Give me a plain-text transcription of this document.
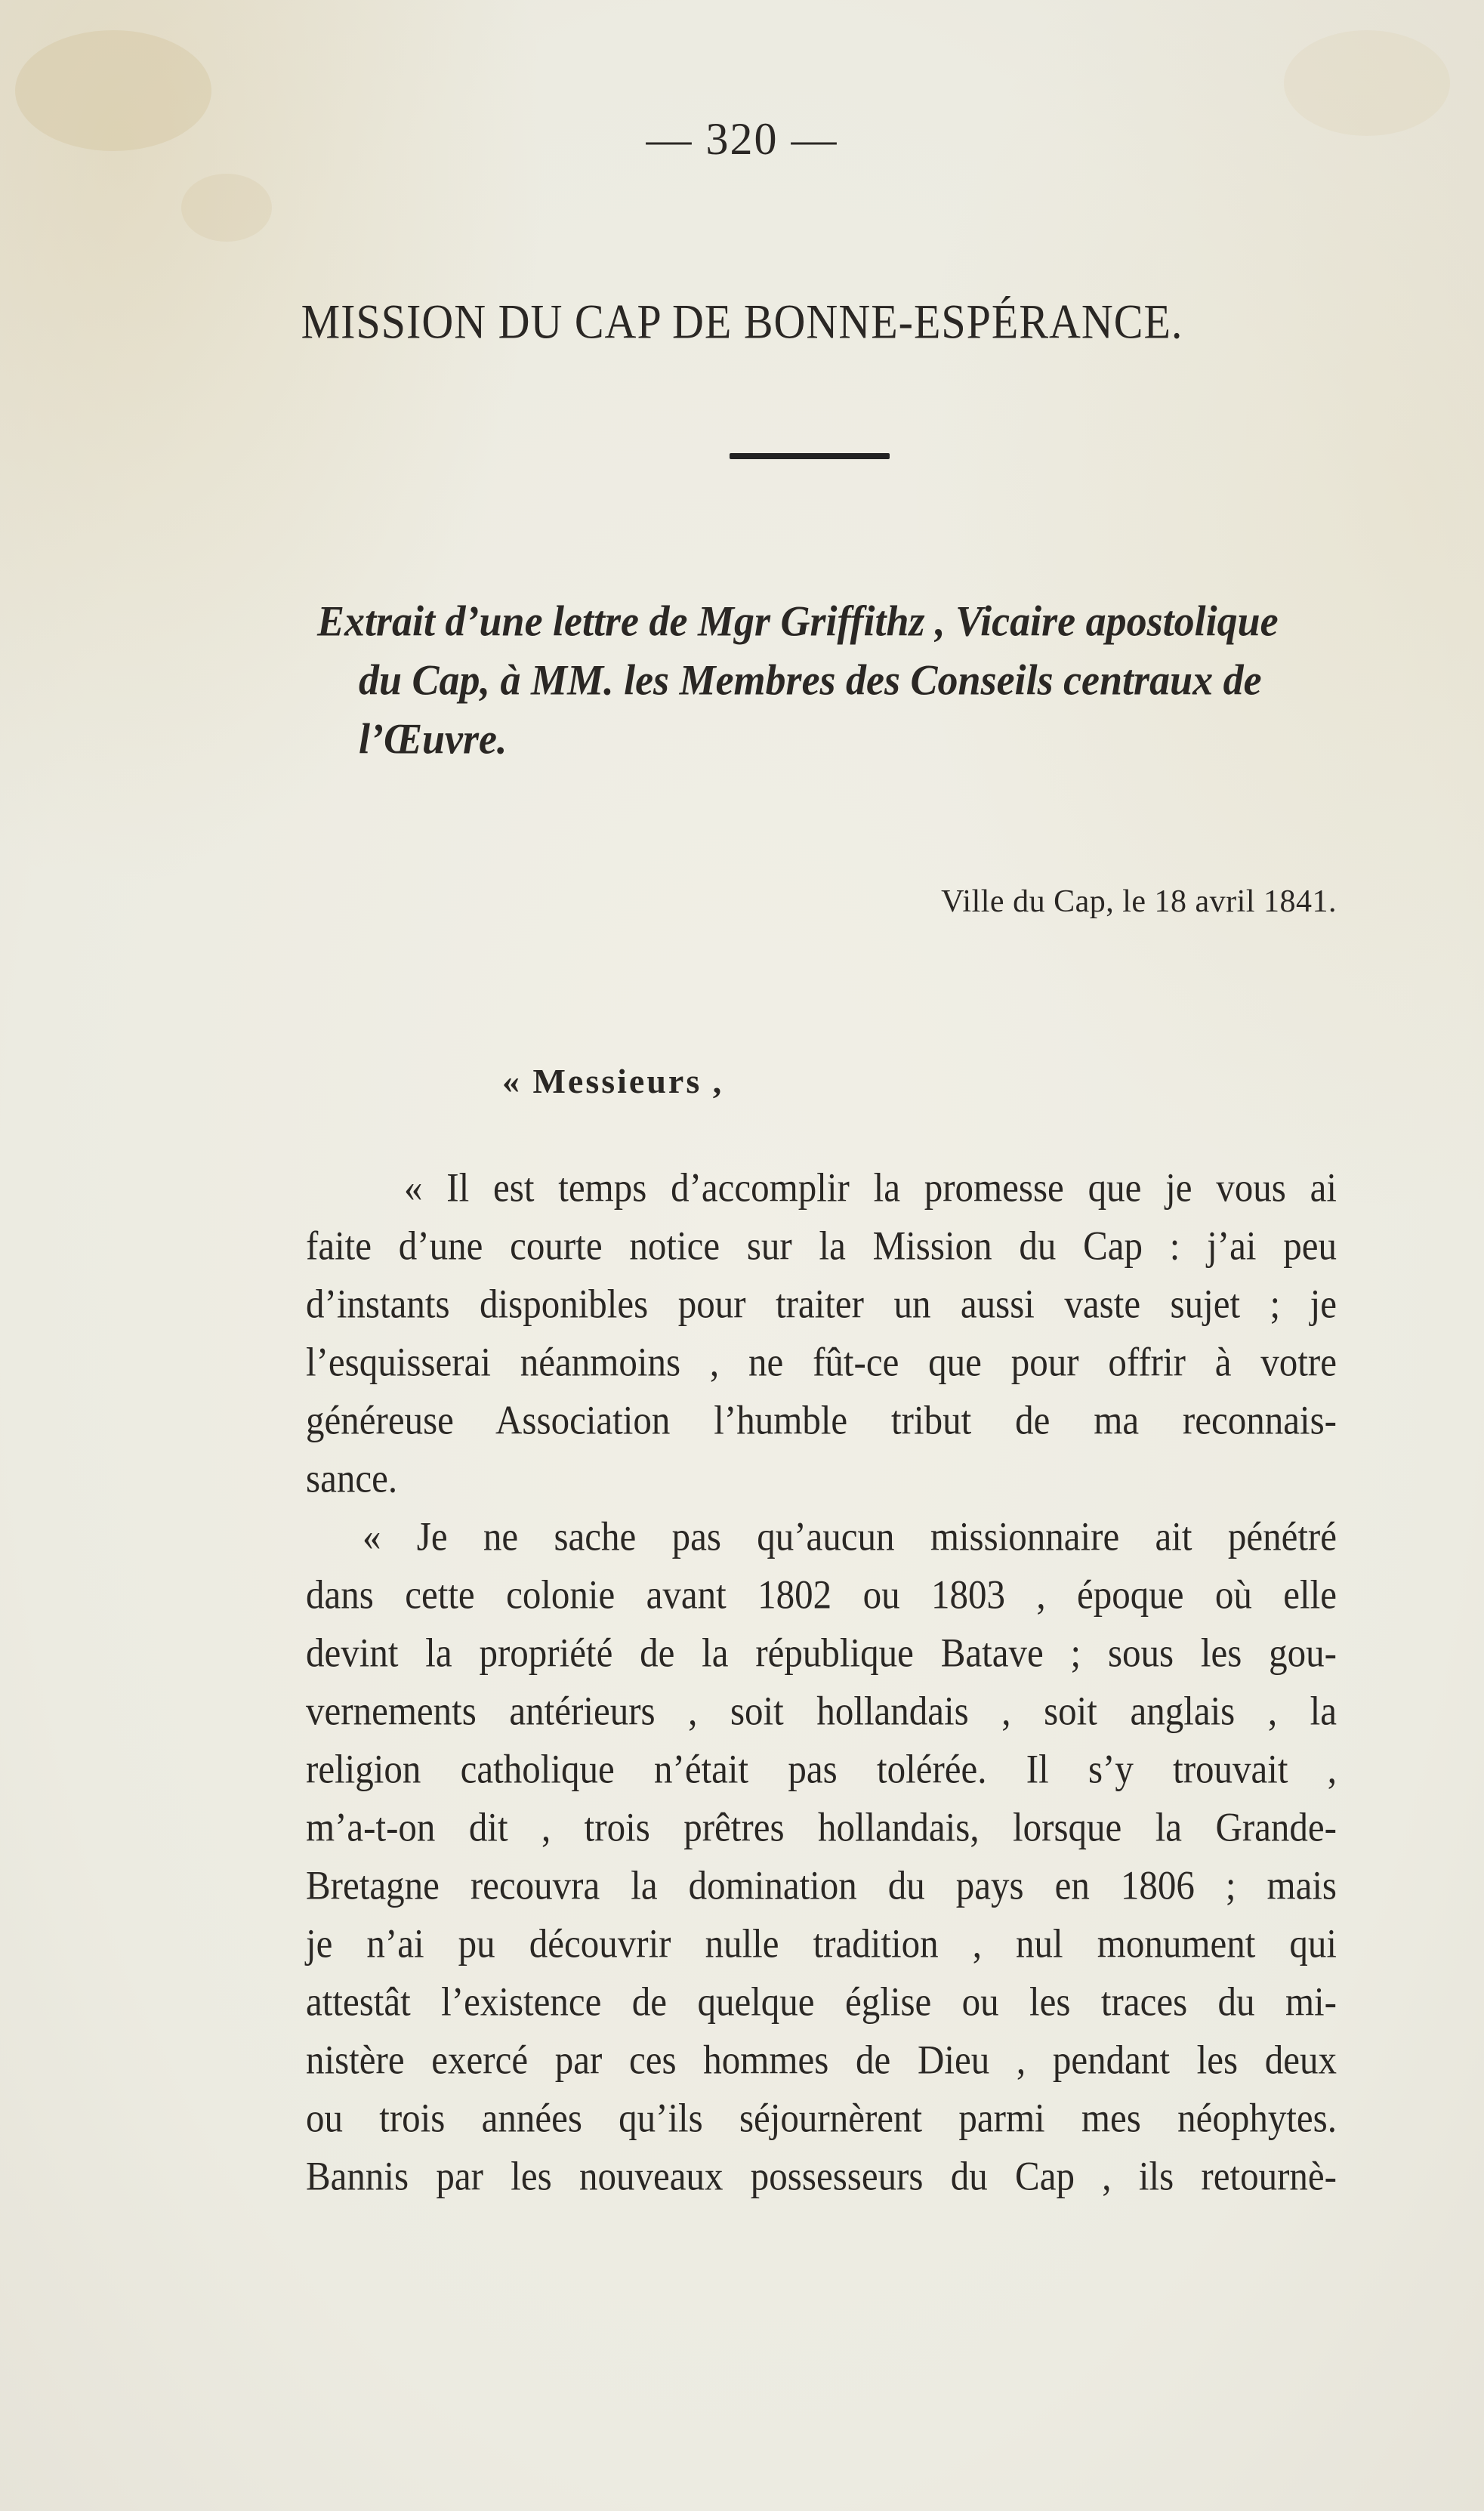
— 320 —
MISSION DU CAP DE BONNE-ESPÉRANCE.
Extrait d’une lettre de Mgr Griffithz , Vicaire apostolique
du Cap, à MM. les Membres des Conseils centraux de
l’Œuvre.
Ville du Cap, le 18 avril 1841.
« Messieurs ,
« Il est temps d’accomplir la promesse que je vous ai
faite d’une courte notice sur la Mission du Cap : j’ai peu
d’instants disponibles pour traiter un aussi vaste sujet ; je
l’esquisserai néanmoins , ne fût-ce que pour offrir à votre
généreuse Association l’humble tribut de ma reconnais-
sance.
« Je ne sache pas qu’aucun missionnaire ait pénétré
dans cette colonie avant 1802 ou 1803 , époque où elle
devint la propriété de la république Batave ; sous les gou-
vernements antérieurs , soit hollandais , soit anglais , la
religion catholique n’était pas tolérée. Il s’y trouvait ,
m’a-t-on dit , trois prêtres hollandais, lorsque la Grande-
Bretagne recouvra la domination du pays en 1806 ; mais
je n’ai pu découvrir nulle tradition , nul monument qui
attestât l’existence de quelque église ou les traces du mi-
nistère exercé par ces hommes de Dieu , pendant les deux
ou trois années qu’ils séjournèrent parmi mes néophytes.
Bannis par les nouveaux possesseurs du Cap , ils retournè-
